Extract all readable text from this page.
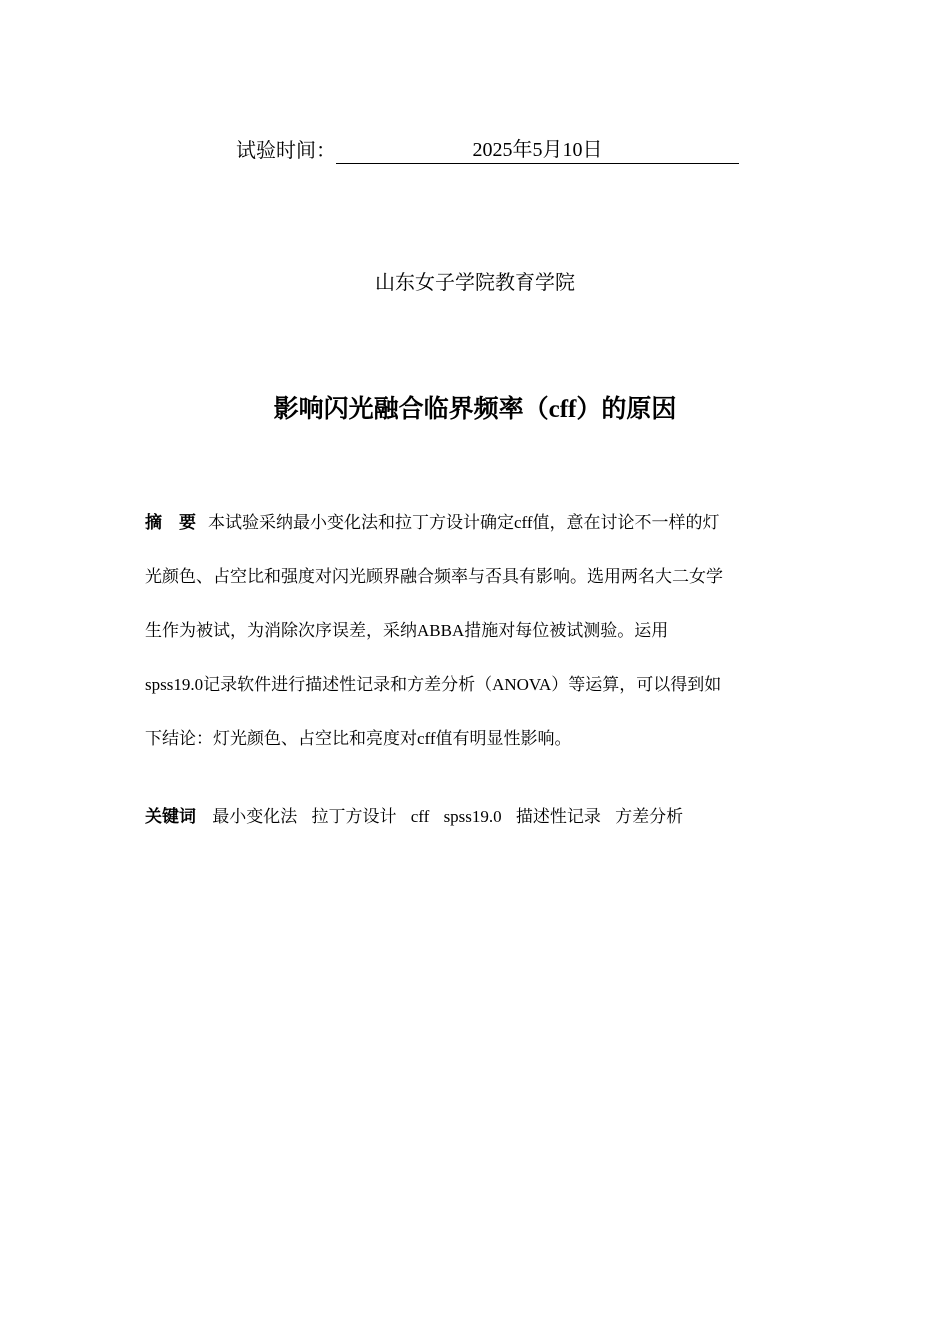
试验时间：	2025年5月10日
山东女子学院教育学院
影响闪光融合临界频率（cff）的原因
摘　要 本试验采纳最小变化法和拉丁方设计确定cff值，意在讨论不一样的灯
光颜色、占空比和强度对闪光顾界融合频率与否具有影响。选用两名大二女学
生作为被试，为消除次序误差，采纳ABBA措施对每位被试测验。运用
spss19.0记录软件进行描述性记录和方差分析（ANOVA）等运算，可以得到如
下结论：灯光颜色、占空比和亮度对cff值有明显性影响。
关键词 最小变化法 拉丁方设计 cff spss19.0 描述性记录 方差分析
